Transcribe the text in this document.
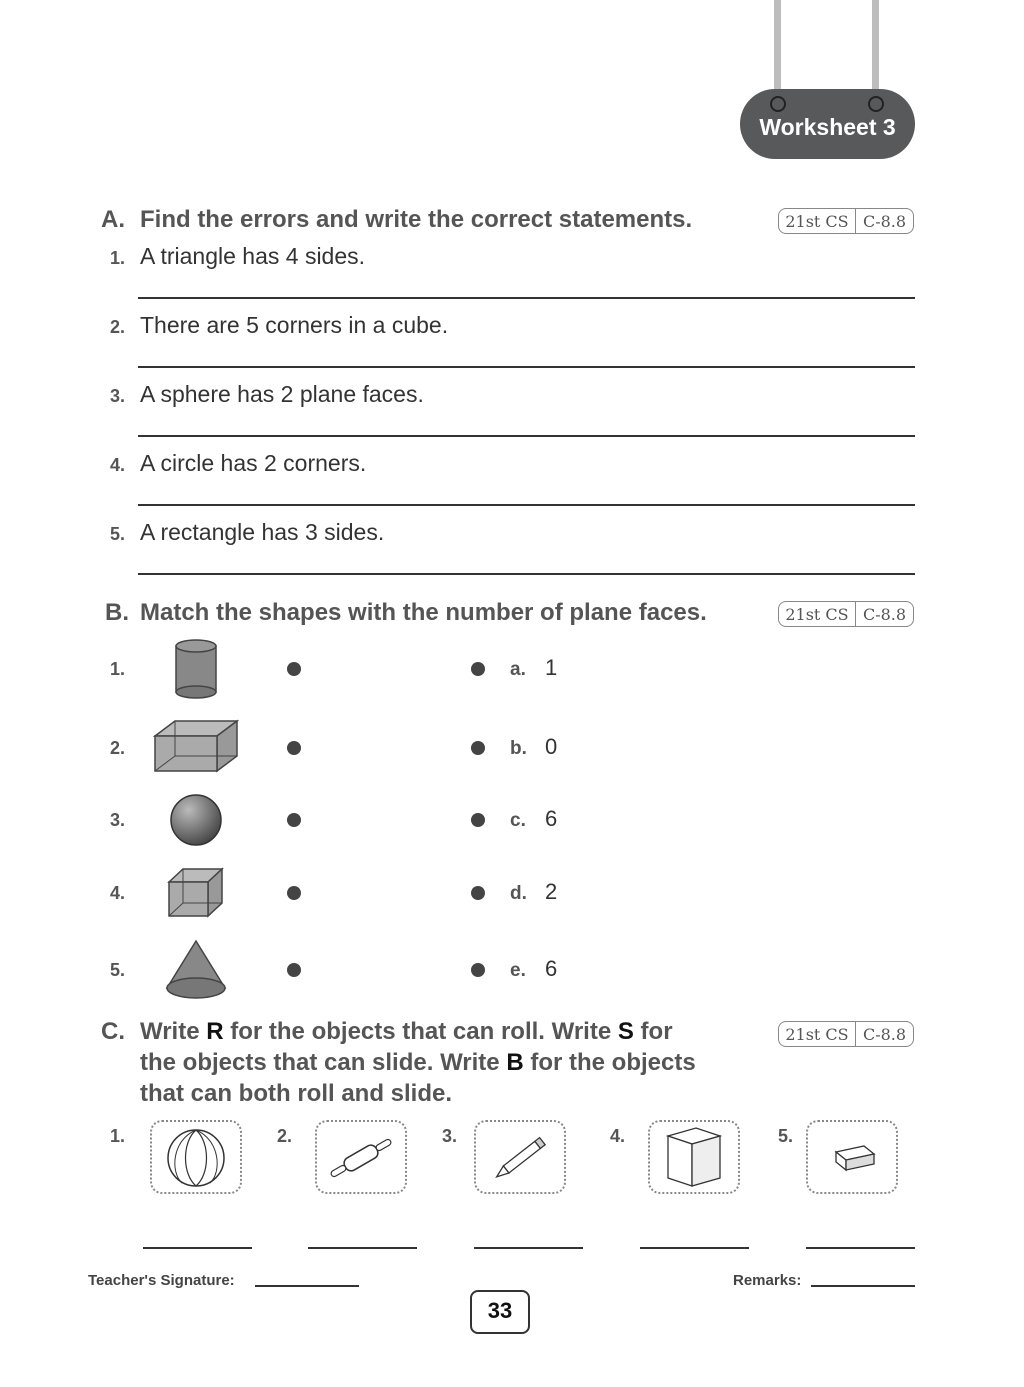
Worksheet 3
A. Find the errors and write the correct statements.	21st CS C-8.8
1. A triangle has 4 sides.
2. There are 5 corners in a cube.
3. A sphere has 2 plane faces.
4. A circle has 2 corners.
5. A rectangle has 3 sides.
B. Match the shapes with the number of plane faces.	21st CS C-8.8
1.	a. 1
2.	b. 0
3.	c. 6
4.	d. 2
5.	e. 6
C. Write R for the objects that can roll. Write S for
the objects that can slide. Write B for the objects
that can both roll and slide.
21st CS C-8.8
1.	2.	3.	4.	5.
Teacher's Signature:	Remarks:
33
